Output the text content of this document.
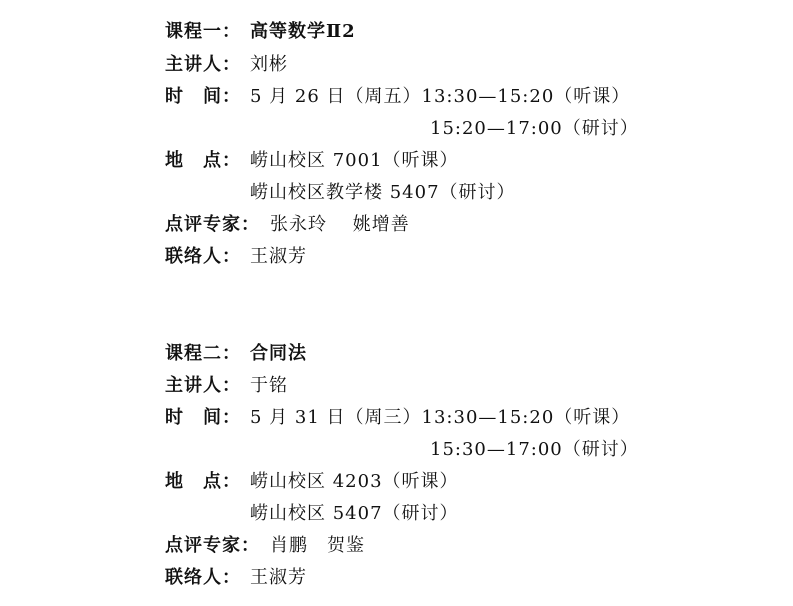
课程一： 高等数学Ⅱ2
主讲人： 刘彬
时　间： 5 月 26 日（周五）13:30—15:20（听课）
15:20—17:00（研讨）
地　点： 崂山校区 7001（听课）
崂山校区教学楼 5407（研讨）
点评专家： 张永玲　 姚增善
联络人： 王淑芳
课程二： 合同法
主讲人： 于铭
时　间： 5 月 31 日（周三）13:30—15:20（听课）
15:30—17:00（研讨）
地　点： 崂山校区 4203（听课）
崂山校区 5407（研讨）
点评专家： 肖鹏　贺鉴
联络人： 王淑芳
